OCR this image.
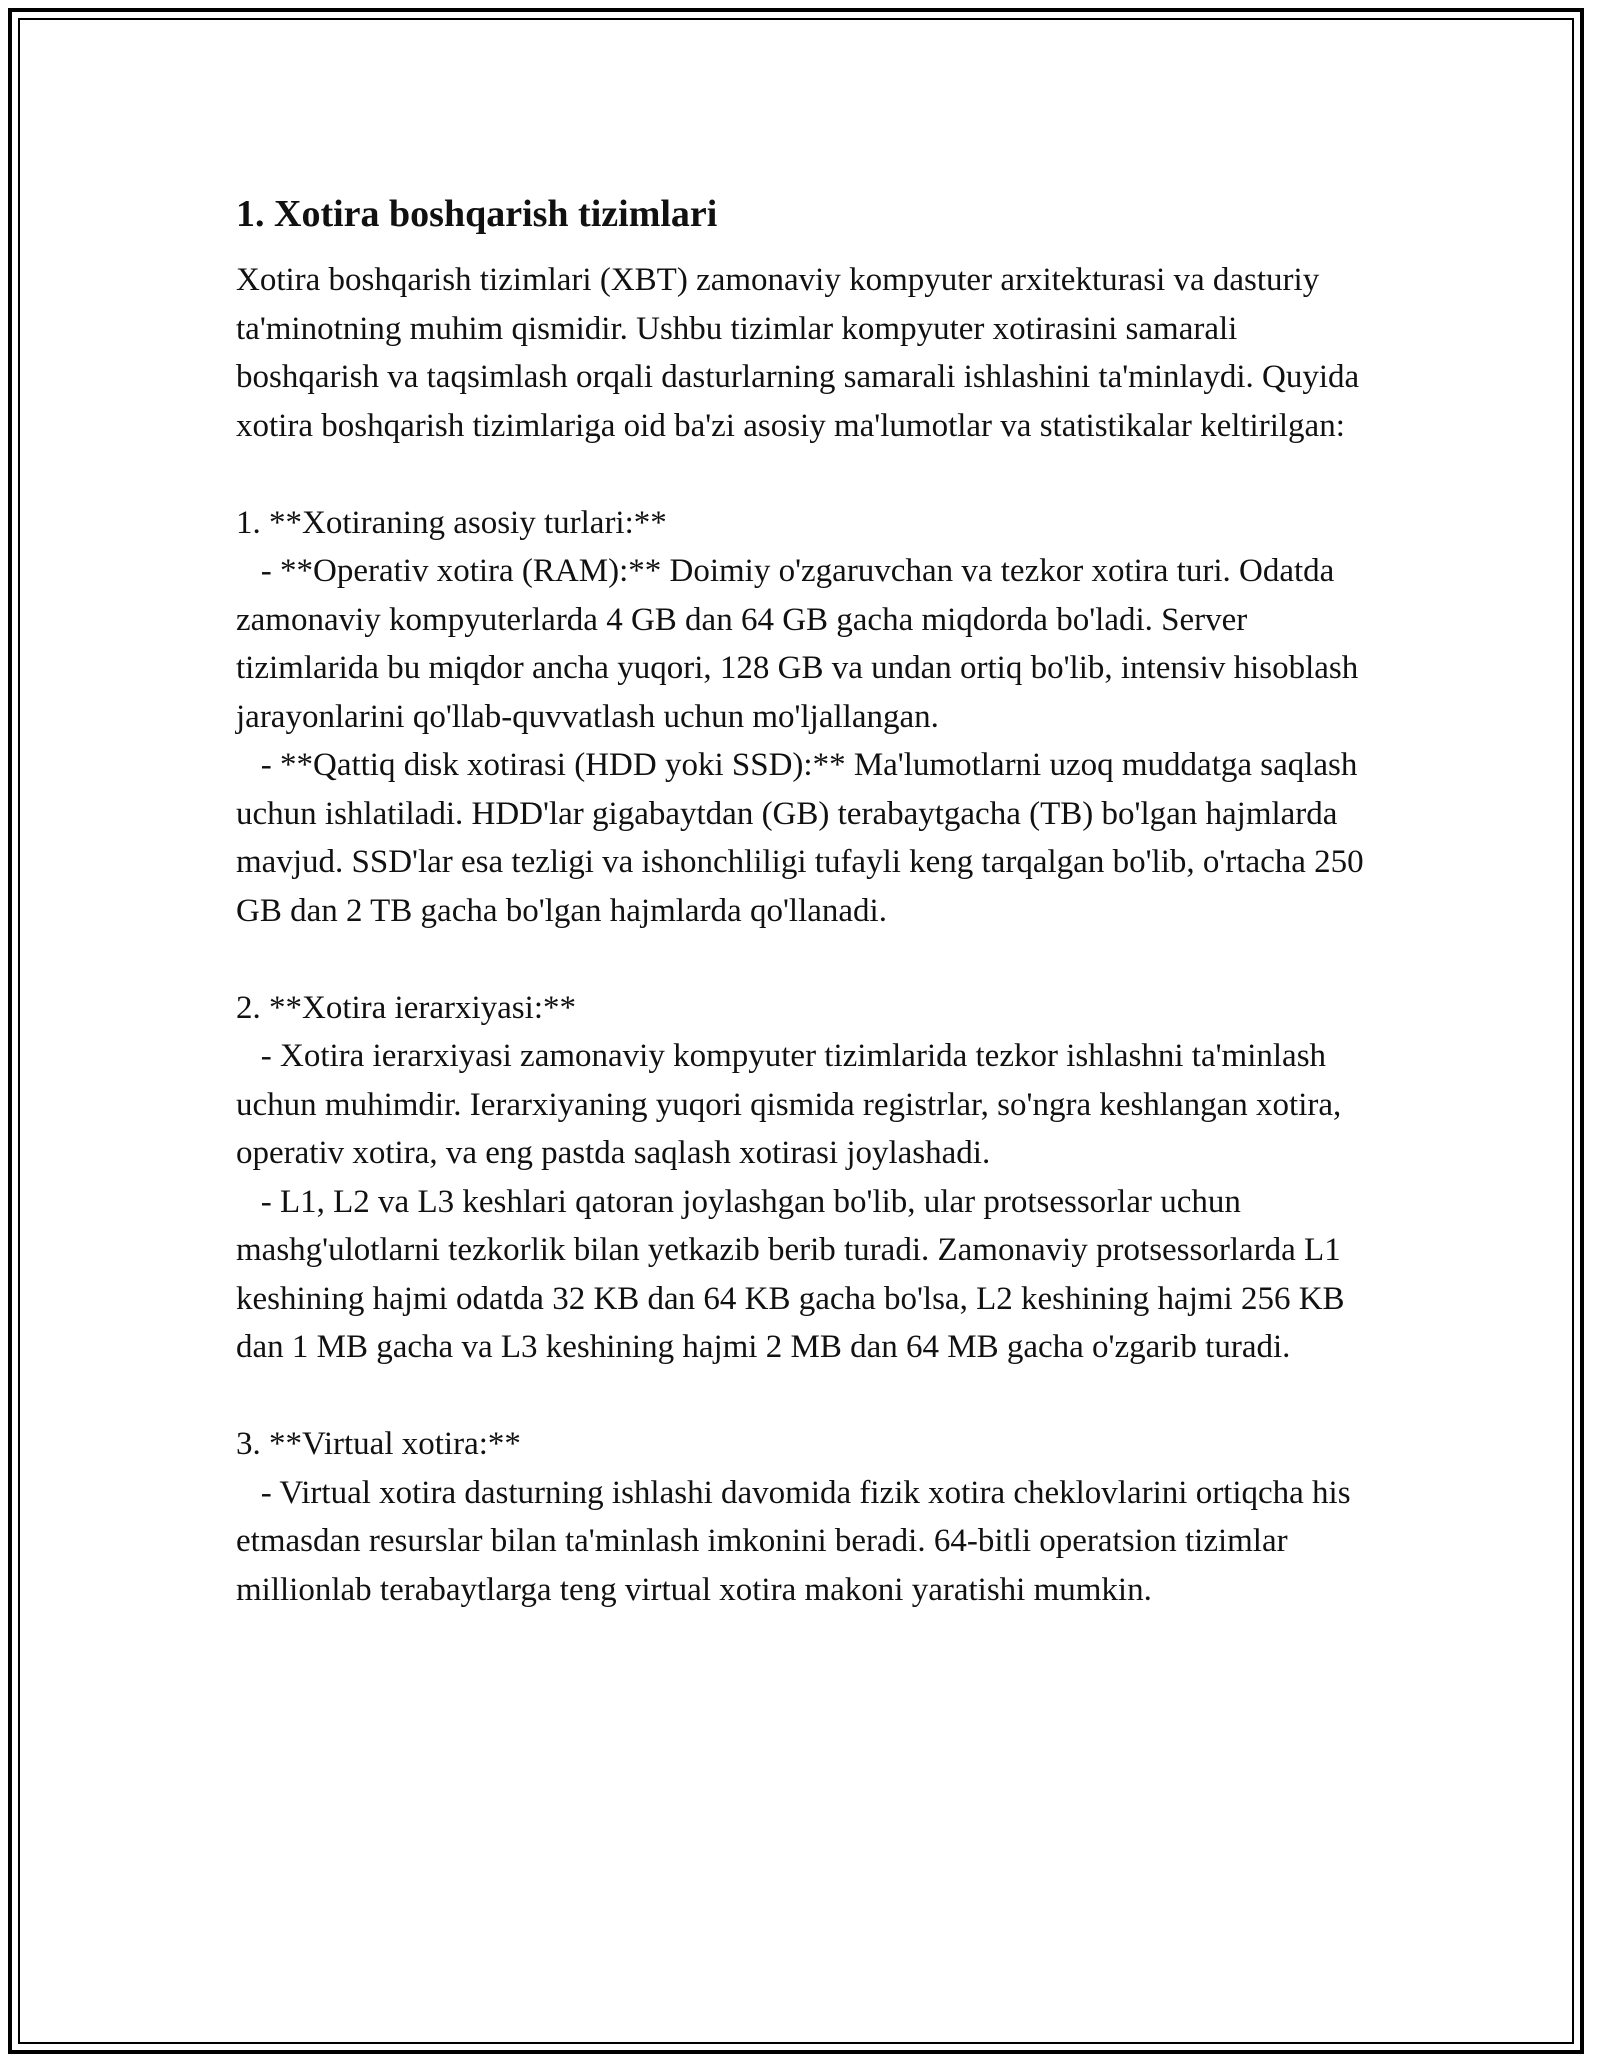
1. Xotira boshqarish tizimlari

Xotira boshqarish tizimlari (XBT) zamonaviy kompyuter arxitekturasi va dasturiy ta'minotning muhim qismidir. Ushbu tizimlar kompyuter xotirasini samarali boshqarish va taqsimlash orqali dasturlarning samarali ishlashini ta'minlaydi. Quyida xotira boshqarish tizimlariga oid ba'zi asosiy ma'lumotlar va statistikalar keltirilgan:

1. **Xotiraning asosiy turlari:**

- **Operativ xotira (RAM):** Doimiy o'zgaruvchan va tezkor xotira turi. Odatda zamonaviy kompyuterlarda 4 GB dan 64 GB gacha miqdorda bo'ladi. Server tizimlarida bu miqdor ancha yuqori, 128 GB va undan ortiq bo'lib, intensiv hisoblash jarayonlarini qo'llab-quvvatlash uchun mo'ljallangan.

- **Qattiq disk xotirasi (HDD yoki SSD):** Ma'lumotlarni uzoq muddatga saqlash uchun ishlatiladi. HDD'lar gigabaytdan (GB) terabaytgacha (TB) bo'lgan hajmlarda mavjud. SSD'lar esa tezligi va ishonchliligi tufayli keng tarqalgan bo'lib, o'rtacha 250 GB dan 2 TB gacha bo'lgan hajmlarda qo'llanadi.

2. **Xotira ierarxiyasi:**

- Xotira ierarxiyasi zamonaviy kompyuter tizimlarida tezkor ishlashni ta'minlash uchun muhimdir. Ierarxiyaning yuqori qismida registrlar, so'ngra keshlangan xotira, operativ xotira, va eng pastda saqlash xotirasi joylashadi.

- L1, L2 va L3 keshlari qatoran joylashgan bo'lib, ular protsessorlar uchun mashg'ulotlarni tezkorlik bilan yetkazib berib turadi. Zamonaviy protsessorlarda L1 keshining hajmi odatda 32 KB dan 64 KB gacha bo'lsa, L2 keshining hajmi 256 KB dan 1 MB gacha va L3 keshining hajmi 2 MB dan 64 MB gacha o'zgarib turadi.

3. **Virtual xotira:**

- Virtual xotira dasturning ishlashi davomida fizik xotira cheklovlarini ortiqcha his etmasdan resurslar bilan ta'minlash imkonini beradi. 64-bitli operatsion tizimlar millionlab terabaytlarga teng virtual xotira makoni yaratishi mumkin.
